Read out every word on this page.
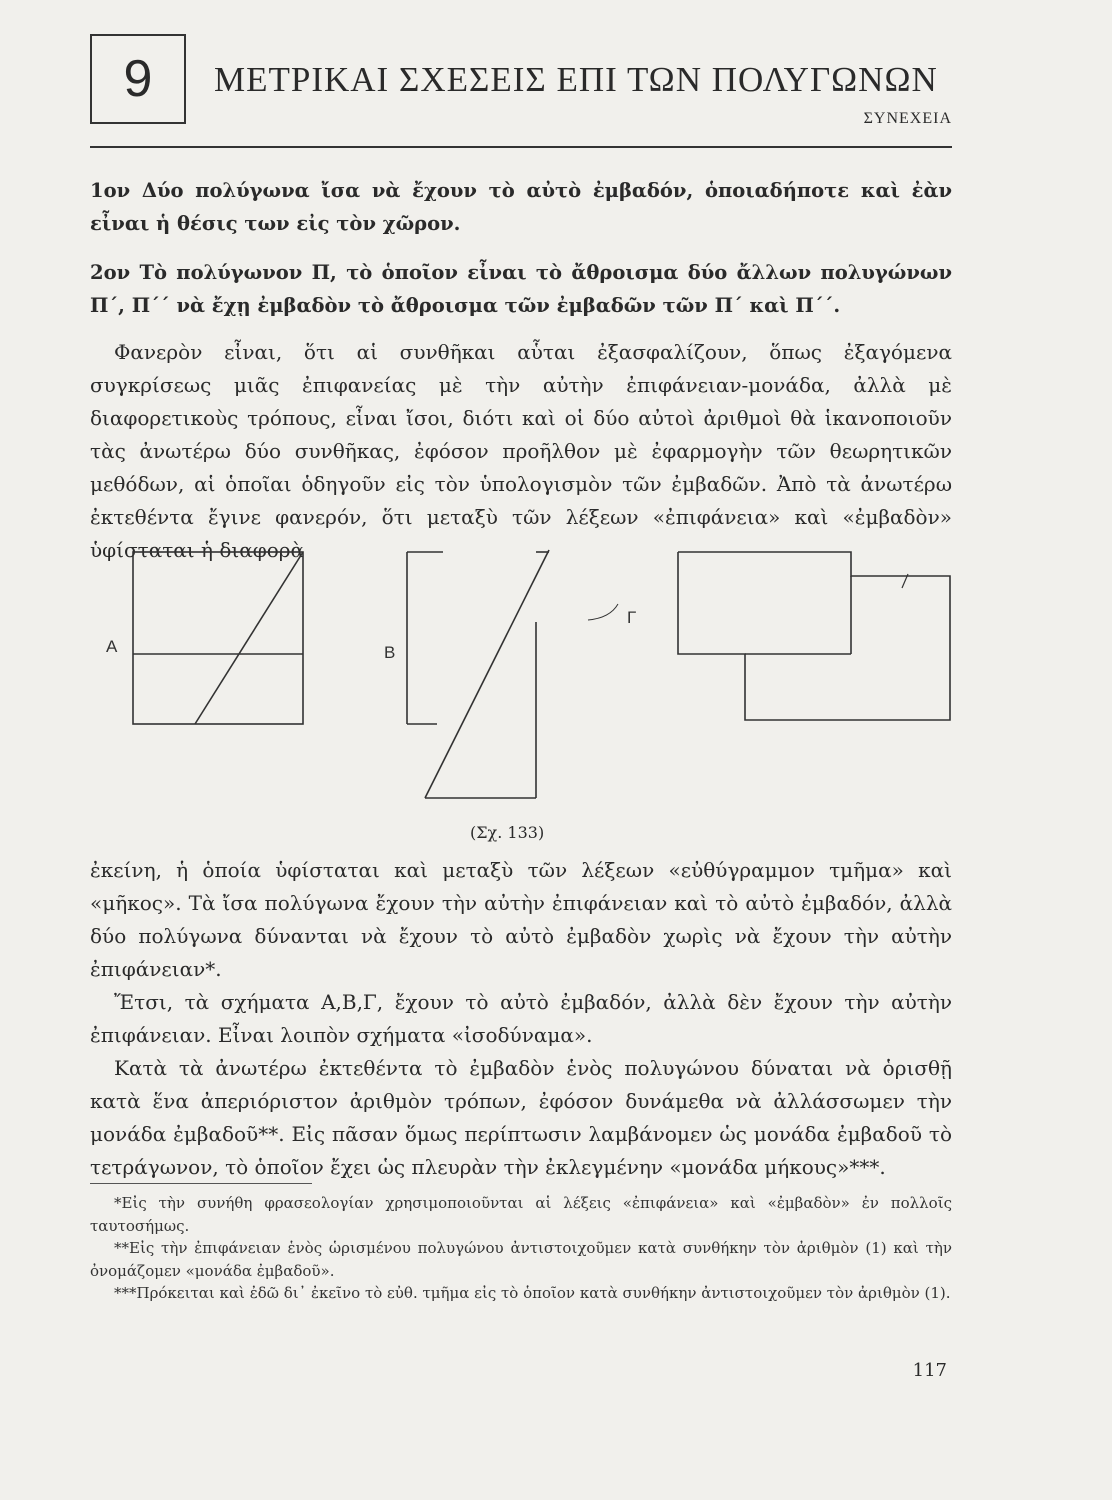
9	ΜΕΤΡΙΚΑΙ ΣΧΕΣΕΙΣ ΕΠΙ ΤΩΝ ΠΟΛΥΓΩΝΩΝ
ΣΥΝΕΧΕΙΑ

1ον Δύο πολύγωνα ἴσα νὰ ἔχουν τὸ αὐτὸ ἐμβαδόν, ὁποιαδήποτε καὶ ἐὰν εἶναι ἡ θέσις των εἰς τὸν χῶρον.

2ον Τὸ πολύγωνον Π, τὸ ὁποῖον εἶναι τὸ ἄθροισμα δύο ἄλλων πολυγώνων Π΄, Π΄΄ νὰ ἔχῃ ἐμβαδὸν τὸ ἄθροισμα τῶν ἐμβαδῶν τῶν Π΄ καὶ Π΄΄.

Φανερὸν εἶναι, ὅτι αἱ συνθῆκαι αὗται ἐξασφαλίζουν, ὅπως ἐξαγόμενα συγκρίσεως μιᾶς ἐπιφανείας μὲ τὴν αὐτὴν ἐπιφάνειαν-μονάδα, ἀλλὰ μὲ διαφορετικοὺς τρόπους, εἶναι ἴσοι, διότι καὶ οἱ δύο αὐτοὶ ἀριθμοὶ θὰ ἱκανοποιοῦν τὰς ἀνωτέρω δύο συνθῆκας, ἐφόσον προῆλθον μὲ ἐφαρμογὴν τῶν θεωρητικῶν μεθόδων, αἱ ὁποῖαι ὁδηγοῦν εἰς τὸν ὑπολογισμὸν τῶν ἐμβαδῶν. Ἀπὸ τὰ ἀνωτέρω ἐκτεθέντα ἔγινε φανερόν, ὅτι μεταξὺ τῶν λέξεων «ἐπιφάνεια» καὶ «ἐμβαδὸν» ὑφίσταται ἡ διαφορὰ

Α	Β
Γ
(Σχ. 133)

ἐκείνη, ἡ ὁποία ὑφίσταται καὶ μεταξὺ τῶν λέξεων «εὐθύγραμμον τμῆμα» καὶ «μῆκος». Τὰ ἴσα πολύγωνα ἔχουν τὴν αὐτὴν ἐπιφάνειαν καὶ τὸ αὐτὸ ἐμβαδόν, ἀλλὰ δύο πολύγωνα δύνανται νὰ ἔχουν τὸ αὐτὸ ἐμβαδὸν χωρὶς νὰ ἔχουν τὴν αὐτὴν ἐπιφάνειαν*.

Ἔτσι, τὰ σχήματα Α,Β,Γ, ἔχουν τὸ αὐτὸ ἐμβαδόν, ἀλλὰ δὲν ἔχουν τὴν αὐτὴν ἐπιφάνειαν. Εἶναι λοιπὸν σχήματα «ἰσοδύναμα».

Κατὰ τὰ ἀνωτέρω ἐκτεθέντα τὸ ἐμβαδὸν ἑνὸς πολυγώνου δύναται νὰ ὁρισθῇ κατὰ ἕνα ἀπεριόριστον ἀριθμὸν τρόπων, ἐφόσον δυνάμεθα νὰ ἀλλάσσωμεν τὴν μονάδα ἐμβαδοῦ**. Εἰς πᾶσαν ὅμως περίπτωσιν λαμβάνομεν ὡς μονάδα ἐμβαδοῦ τὸ τετράγωνον, τὸ ὁποῖον ἔχει ὡς πλευρὰν τὴν ἐκλεγμένην «μονάδα μήκους»***.

*Εἰς τὴν συνήθη φρασεολογίαν χρησιμοποιοῦνται αἱ λέξεις «ἐπιφάνεια» καὶ «ἐμβαδὸν» ἐν πολλοῖς ταυτοσήμως.

**Εἰς τὴν ἐπιφάνειαν ἑνὸς ὡρισμένου πολυγώνου ἀντιστοιχοῦμεν κατὰ συνθήκην τὸν ἀριθμὸν (1) καὶ τὴν ὀνομάζομεν «μονάδα ἐμβαδοῦ».

***Πρόκειται καὶ ἐδῶ δι᾽ ἐκεῖνο τὸ εὐθ. τμῆμα εἰς τὸ ὁποῖον κατὰ συνθήκην ἀντιστοιχοῦμεν τὸν ἀριθμὸν (1).

117
